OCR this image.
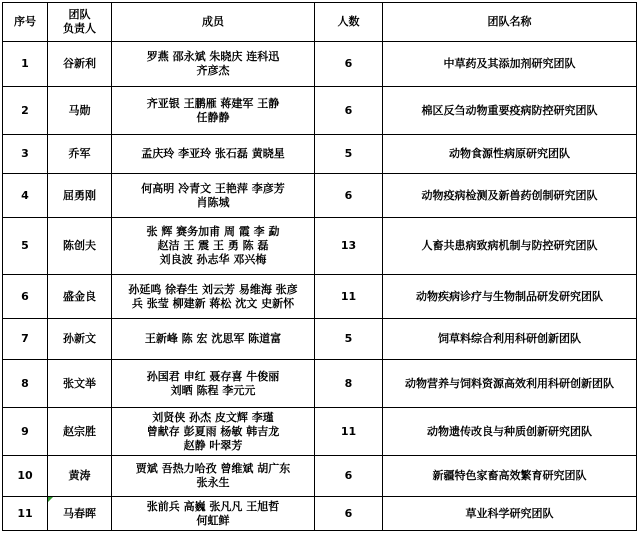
序号	团队
负责人	成员	人数	团队名称
1	谷新利	罗燕 邵永斌 朱晓庆 连科迅
齐彦杰	6	中草药及其添加剂研究团队
2	马勋	齐亚银 王鹏雁 蒋建军 王静
任静静	6	棉区反刍动物重要疫病防控研究团队
3	乔军	孟庆玲 李亚玲 张石磊 黄晓星	5	动物食源性病原研究团队
4	屈勇刚	何高明 冷青文 王艳萍 李彦芳
肖陈城	6	动物疫病检测及新兽药创制研究团队
5	陈创夫	张 辉 赛务加甫 周 霞 李 勐
赵洁 王 震 王 勇 陈 磊
刘良波 孙志华 邓兴梅	13	人畜共患病致病机制与防控研究团队
6	盛金良	孙延鸣 徐春生 刘云芳 易维海 张彦
兵 张莹 柳建新 蒋松 沈文 史新怀	11	动物疾病诊疗与生物制品研发研究团队
7	孙新文	王新峰 陈 宏 沈思军 陈道富	5	饲草料综合利用科研创新团队
8	张文举	孙国君 申红 聂存喜 牛俊丽
刘晒 陈程 李元元	8	动物营养与饲料资源高效利用科研创新团队
9	赵宗胜	刘贤侠 孙杰 皮文辉 李瑾
曾献存 彭夏雨 杨敏 韩吉龙
赵静 叶翠芳	11	动物遗传改良与种质创新研究团队
10	黄涛	贾斌 吾热力哈孜 曾维斌 胡广东
张永生	6	新疆特色家畜高效繁育研究团队
11	马春晖	张前兵 高巍 张凡凡 王旭哲
何虹鲜	6	草业科学研究团队
